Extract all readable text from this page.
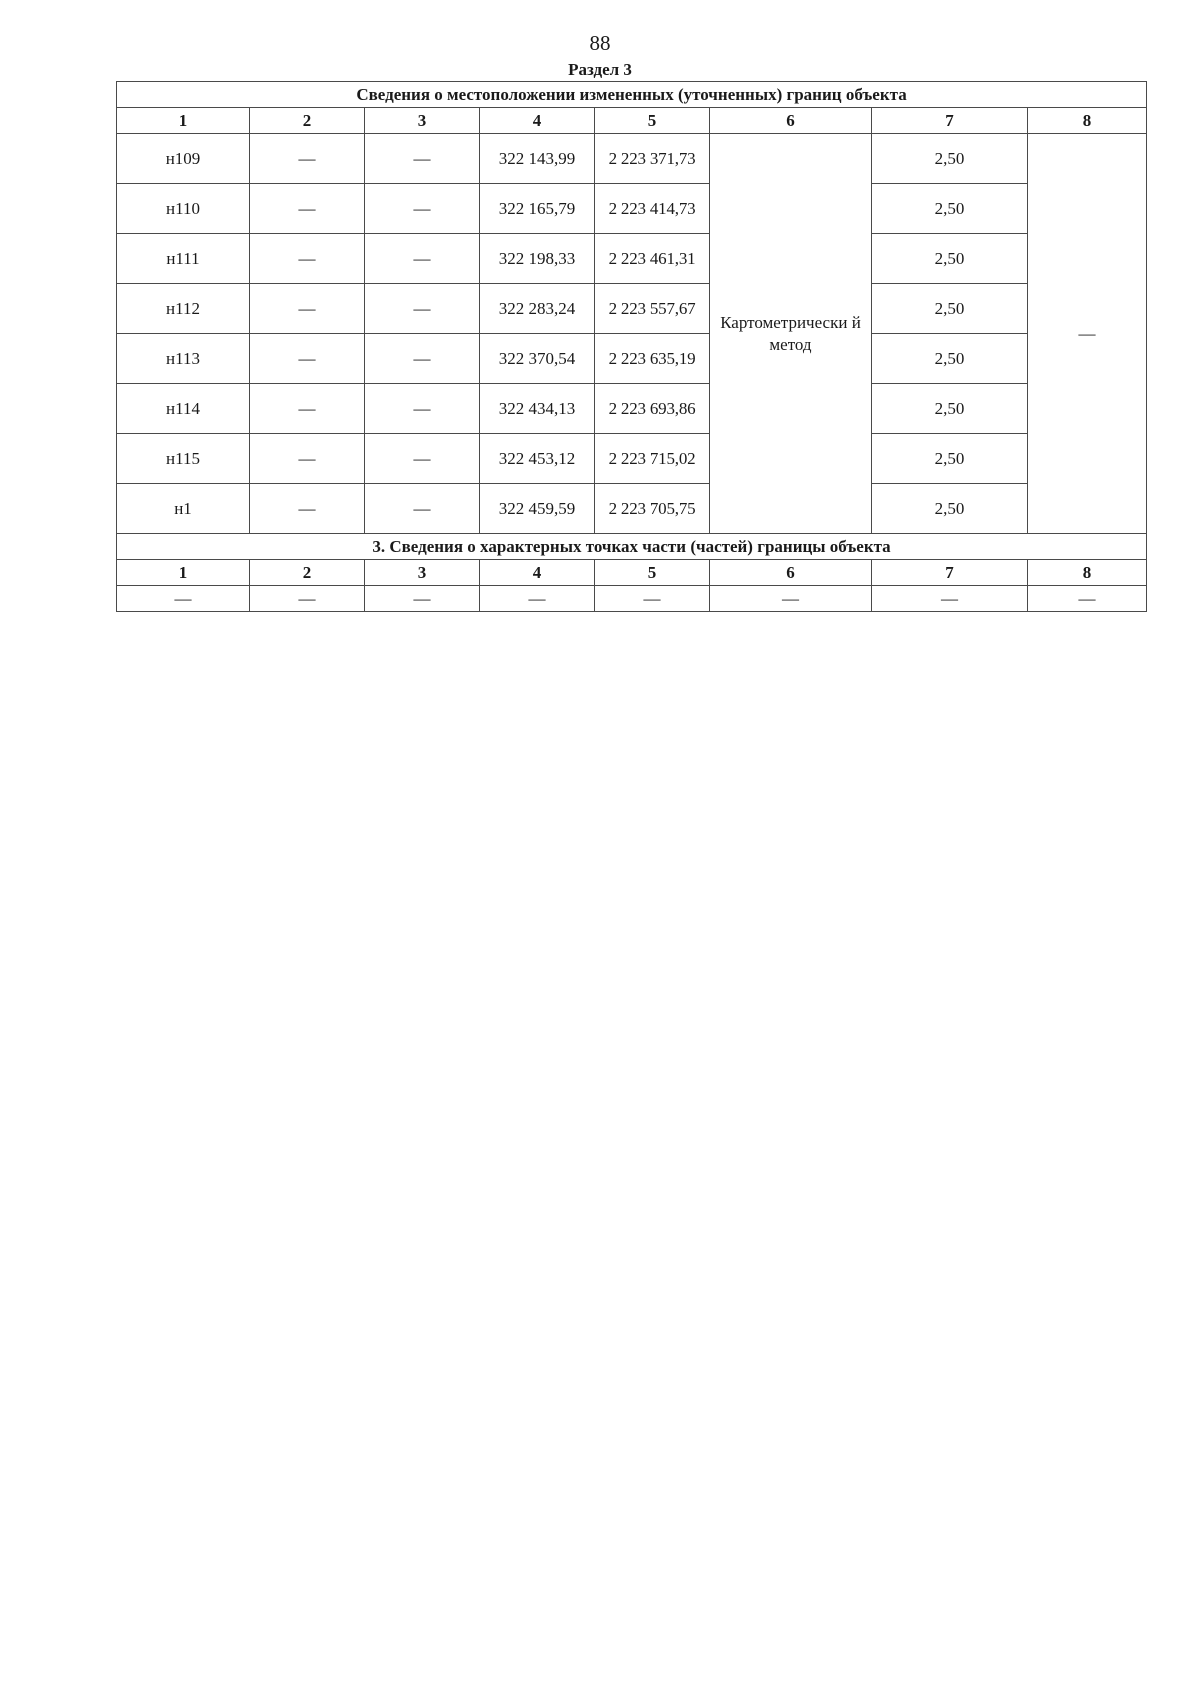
88
Раздел 3
Сведения о местоположении измененных (уточненных) границ объекта							
1	2	3	4	5	6	7	8
н109	—	—	322 143,99	2 223 371,73	Картометрически й метод	2,50	—
н110	—	—	322 165,79	2 223 414,73		2,50	
н111	—	—	322 198,33	2 223 461,31		2,50	
н112	—	—	322 283,24	2 223 557,67		2,50	
н113	—	—	322 370,54	2 223 635,19		2,50	
н114	—	—	322 434,13	2 223 693,86		2,50	
н115	—	—	322 453,12	2 223 715,02		2,50	
н1	—	—	322 459,59	2 223 705,75		2,50	
3. Сведения о характерных точках части (частей) границы объекта							
1	2	3	4	5	6	7	8
—	—	—	—	—	—	—	—
